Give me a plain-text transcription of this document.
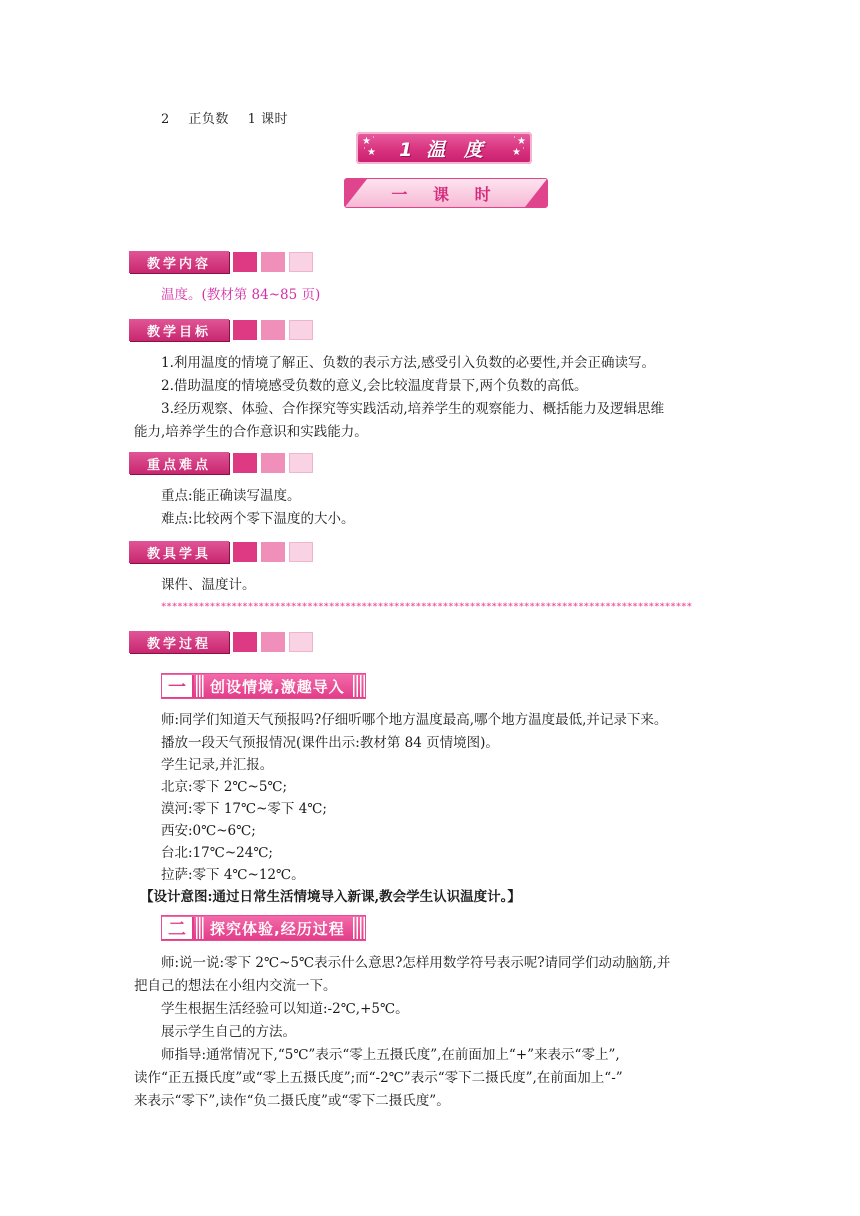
2 正负数 1 课时
★˙
˙★	1 温 度	˙★
★˙
一 课 时
教学内容
温度。(教材第 84~85 页)
教学目标
1.利用温度的情境了解正、负数的表示方法,感受引入负数的必要性,并会正确读写。
2.借助温度的情境感受负数的意义,会比较温度背景下,两个负数的高低。
3.经历观察、体验、合作探究等实践活动,培养学生的观察能力、概括能力及逻辑思维
能力,培养学生的合作意识和实践能力。
重点难点
重点:能正确读写温度。
难点:比较两个零下温度的大小。
教具学具
课件、温度计。
**************************************************************************************************
教学过程
一	创设情境,激趣导入
师:同学们知道天气预报吗?仔细听哪个地方温度最高,哪个地方温度最低,并记录下来。
播放一段天气预报情况(课件出示:教材第 84 页情境图)。
学生记录,并汇报。
北京:零下 2℃~5℃;
漠河:零下 17℃~零下 4℃;
西安:0℃~6℃;
台北:17℃~24℃;
拉萨:零下 4℃~12℃。
【设计意图:通过日常生活情境导入新课,教会学生认识温度计。】
二	探究体验,经历过程
师:说一说:零下 2℃~5℃表示什么意思?怎样用数学符号表示呢?请同学们动动脑筋,并
把自己的想法在小组内交流一下。
学生根据生活经验可以知道:-2℃,+5℃。
展示学生自己的方法。
师指导:通常情况下,“5℃”表示“零上五摄氏度”,在前面加上“+”来表示“零上”,
读作“正五摄氏度”或“零上五摄氏度”;而“-2℃”表示“零下二摄氏度”,在前面加上“-”
来表示“零下”,读作“负二摄氏度”或“零下二摄氏度”。
